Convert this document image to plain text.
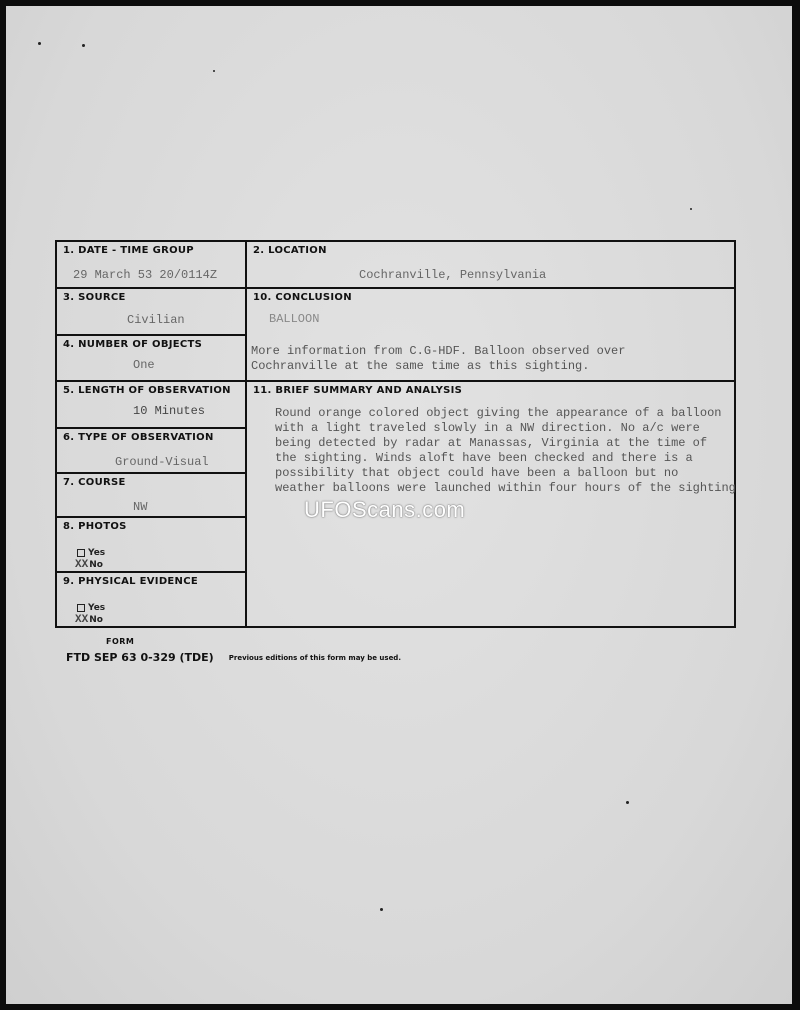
1. DATE - TIME GROUP
29 March 53 20/0114Z
3. SOURCE
Civilian
4. NUMBER OF OBJECTS
One
5. LENGTH OF OBSERVATION
10 Minutes
6. TYPE OF OBSERVATION
Ground-Visual
7. COURSE
NW
8. PHOTOS
Yes
XXNo
9. PHYSICAL EVIDENCE
Yes
XXNo
2. LOCATION
Cochranville, Pennsylvania
10. CONCLUSION
BALLOON
More information from C.G-HDF. Balloon observed over
Cochranville at the same time as this sighting.
11. BRIEF SUMMARY AND ANALYSIS
Round orange colored object giving the appearance of a balloon
with a light traveled slowly in a NW direction. No a/c were
being detected by radar at Manassas, Virginia at the time of
the sighting. Winds aloft have been checked and there is a
possibility that object could have been a balloon but no
weather balloons were launched within four hours of the sighting
FORM
FTD SEP 63 0-329 (TDE) Previous editions of this form may be used.
UFOScans.com
